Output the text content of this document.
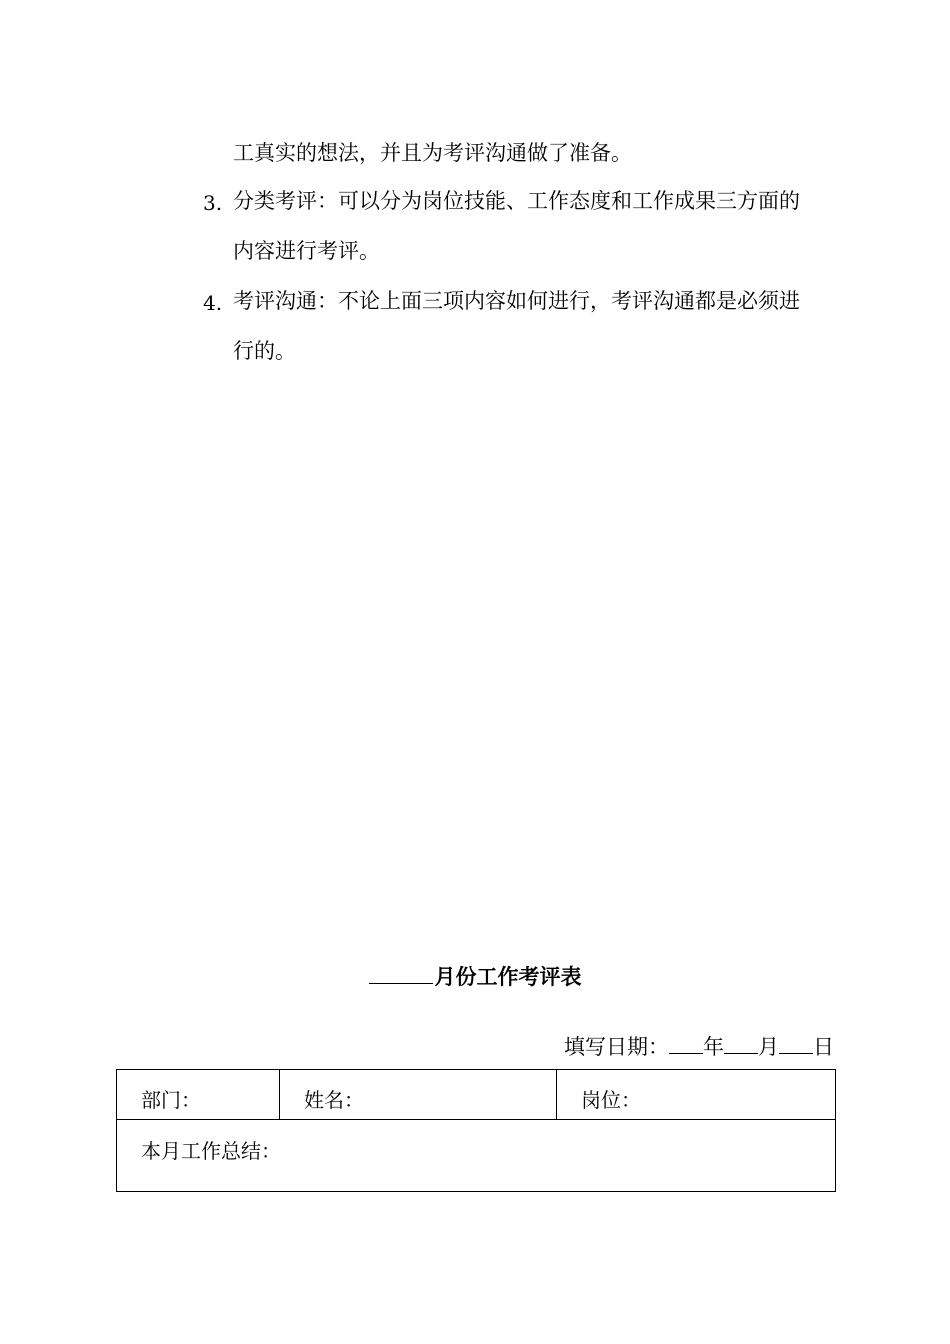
工真实的想法，并且为考评沟通做了准备。
3. 分类考评：可以分为岗位技能、工作态度和工作成果三方面的
内容进行考评。
4. 考评沟通：不论上面三项内容如何进行，考评沟通都是必须进
行的。
月份工作考评表
填写日期： 年 月 日
部门：	姓名：	岗位：

本月工作总结：
